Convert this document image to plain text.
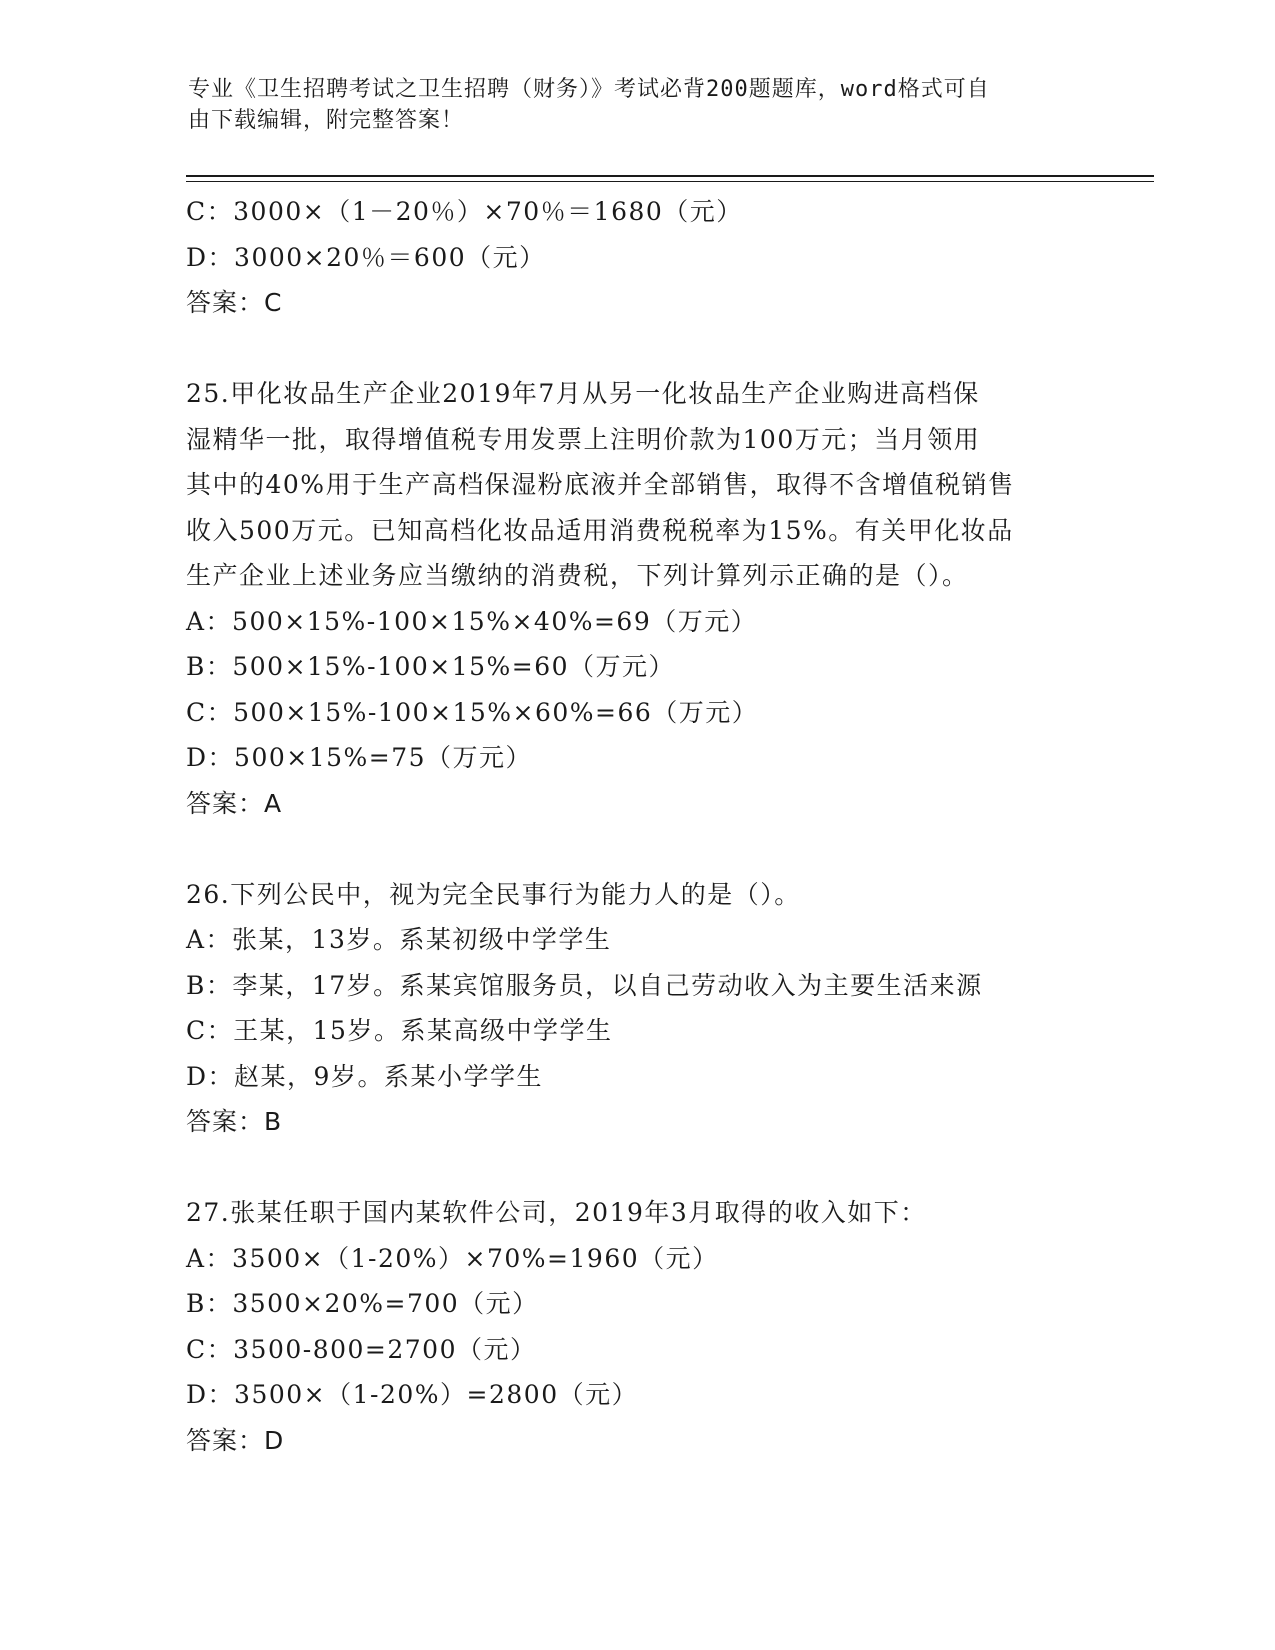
专业《卫生招聘考试之卫生招聘（财务）》考试必背200题题库，word格式可自
由下载编辑，附完整答案！
C：3000×（1－20％）×70％＝1680（元）
D：3000×20％＝600（元）
答案：C
25.甲化妆品生产企业2019年7月从另一化妆品生产企业购进高档保
湿精华一批，取得增值税专用发票上注明价款为100万元；当月领用
其中的40%用于生产高档保湿粉底液并全部销售，取得不含增值税销售
收入500万元。已知高档化妆品适用消费税税率为15%。有关甲化妆品
生产企业上述业务应当缴纳的消费税，下列计算列示正确的是（）。
A：500×15%-100×15%×40%=69（万元）
B：500×15%-100×15%=60（万元）
C：500×15%-100×15%×60%=66（万元）
D：500×15%=75（万元）
答案：A
26.下列公民中，视为完全民事行为能力人的是（）。
A：张某，13岁。系某初级中学学生
B：李某，17岁。系某宾馆服务员，以自己劳动收入为主要生活来源
C：王某，15岁。系某高级中学学生
D：赵某，9岁。系某小学学生
答案：B
27.张某任职于国内某软件公司，2019年3月取得的收入如下：
A：3500×（1-20%）×70%=1960（元）
B：3500×20%=700（元）
C：3500-800=2700（元）
D：3500×（1-20%）=2800（元）
答案：D
